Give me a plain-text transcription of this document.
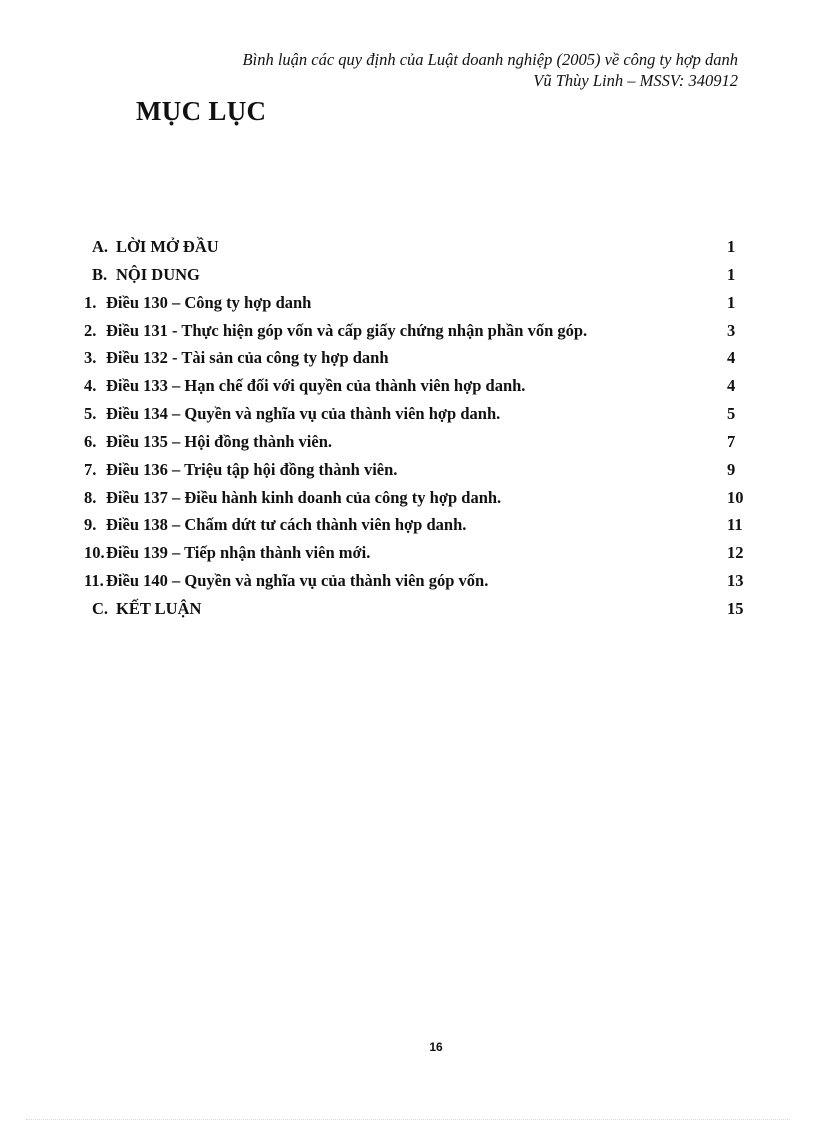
Bình luận các quy định của Luật doanh nghiệp (2005) về công ty hợp danh
Vũ Thùy Linh – MSSV: 340912
MỤC LỤC
A. LỜI MỞ ĐẦU	1
B. NỘI DUNG	1
1. Điều 130 – Công ty hợp danh	1
2. Điều 131 - Thực hiện góp vốn và cấp giấy chứng nhận phần vốn góp.	3
3. Điều 132 - Tài sản của công ty hợp danh	4
4. Điều 133 – Hạn chế đối với quyền của thành viên hợp danh.	4
5. Điều 134 – Quyền và nghĩa vụ của thành viên hợp danh.	5
6. Điều 135 – Hội đồng thành viên.	7
7. Điều 136 – Triệu tập hội đồng thành viên.	9
8. Điều 137 – Điều hành kinh doanh của công ty hợp danh.	10
9. Điều 138 – Chấm dứt tư cách thành viên hợp danh.	11
10. Điều 139 – Tiếp nhận thành viên mới.	12
11. Điều 140 – Quyền và nghĩa vụ của thành viên góp vốn.	13
C. KẾT LUẬN	15
16
